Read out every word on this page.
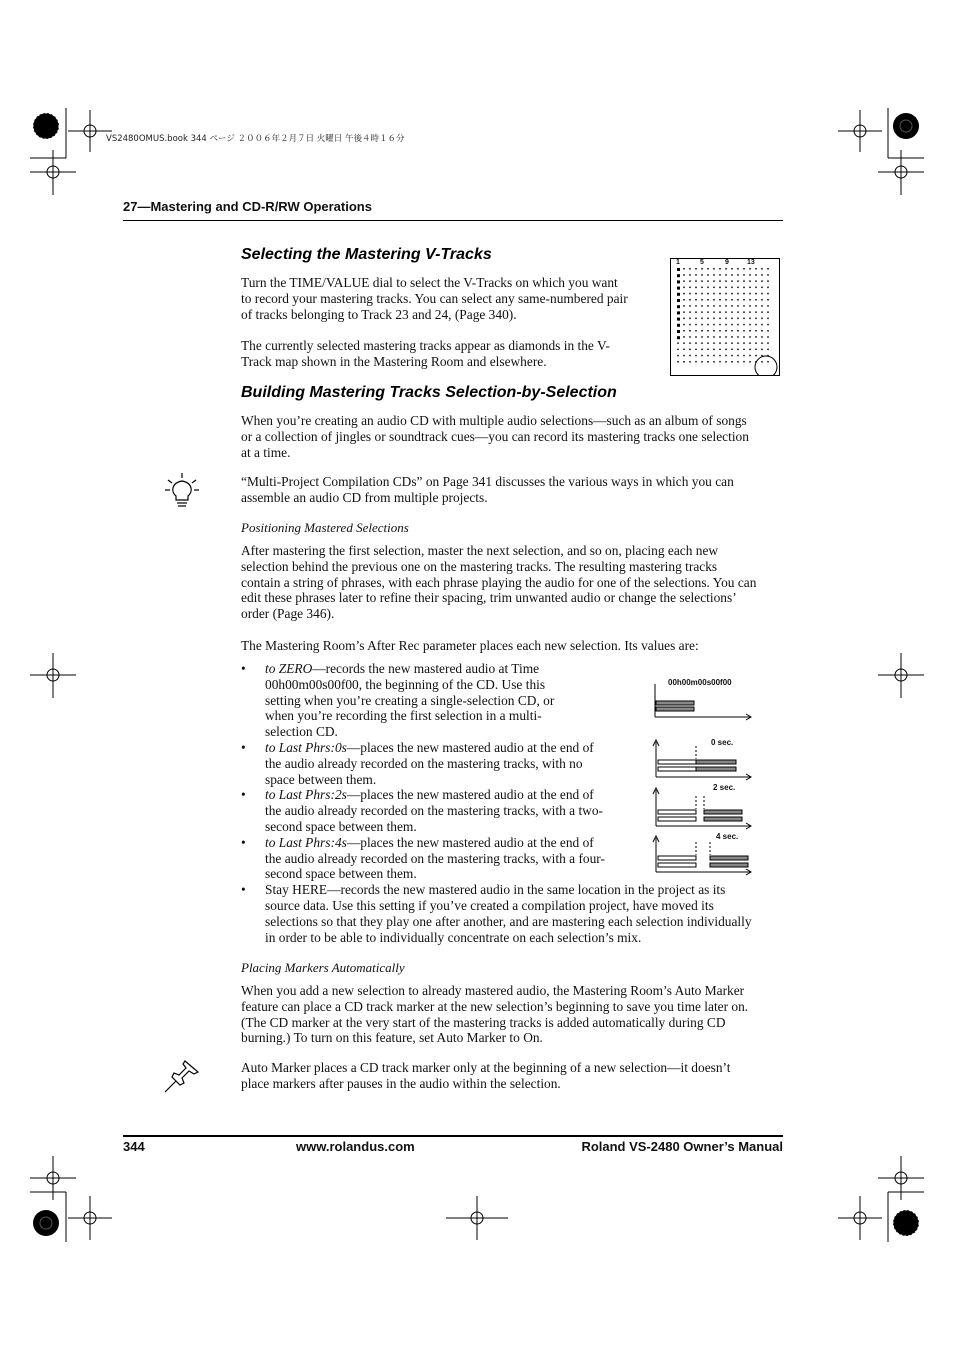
VS2480OMUS.book 344 ページ ２００６年２月７日 火曜日 午後４時１６分
27—Mastering and CD-R/RW Operations
Selecting the Mastering V-Tracks

Turn the TIME/VALUE dial to select the V-Tracks on which you want to record your mastering tracks. You can select any same-numbered pair of tracks belonging to Track 23 and 24, (Page 340).

The currently selected mastering tracks appear as diamonds in the V-Track map shown in the Mastering Room and elsewhere.

1	5	9	13
Building Mastering Tracks Selection-by-Selection

When you’re creating an audio CD with multiple audio selections—such as an album of songs or a collection of jingles or soundtrack cues—you can record its mastering tracks one selection at a time.

“Multi-Project Compilation CDs” on Page 341 discusses the various ways in which you can assemble an audio CD from multiple projects.

Positioning Mastered Selections

After mastering the first selection, master the next selection, and so on, placing each new selection behind the previous one on the mastering tracks. The resulting mastering tracks contain a string of phrases, with each phrase playing the audio for one of the selections. You can edit these phrases later to refine their spacing, trim unwanted audio or change the selections’ order (Page 346).

The Mastering Room’s After Rec parameter places each new selection. Its values are:

• to ZERO—records the new mastered audio at Time 00h00m00s00f00, the beginning of the CD. Use this setting when you’re creating a single-selection CD, or when you’re recording the first selection in a multi-selection CD.
• to Last Phrs:0s—places the new mastered audio at the end of the audio already recorded on the mastering tracks, with no space between them.
• to Last Phrs:2s—places the new mastered audio at the end of the audio already recorded on the mastering tracks, with a two-second space between them.
• to Last Phrs:4s—places the new mastered audio at the end of the audio already recorded on the mastering tracks, with a four-second space between them.
• Stay HERE—records the new mastered audio in the same location in the project as its source data. Use this setting if you’ve created a compilation project, have moved its selections so that they play one after another, and are mastering each selection individually in order to be able to individually concentrate on each selection’s mix.
00h00m00s00f00
0 sec.
2 sec.
4 sec.
Placing Markers Automatically

When you add a new selection to already mastered audio, the Mastering Room’s Auto Marker feature can place a CD track marker at the new selection’s beginning to save you time later on. (The CD marker at the very start of the mastering tracks is added automatically during CD burning.) To turn on this feature, set Auto Marker to On.

Auto Marker places a CD track marker only at the beginning of a new selection—it doesn’t place markers after pauses in the audio within the selection.

344	www.rolandus.com	Roland VS-2480 Owner’s Manual
